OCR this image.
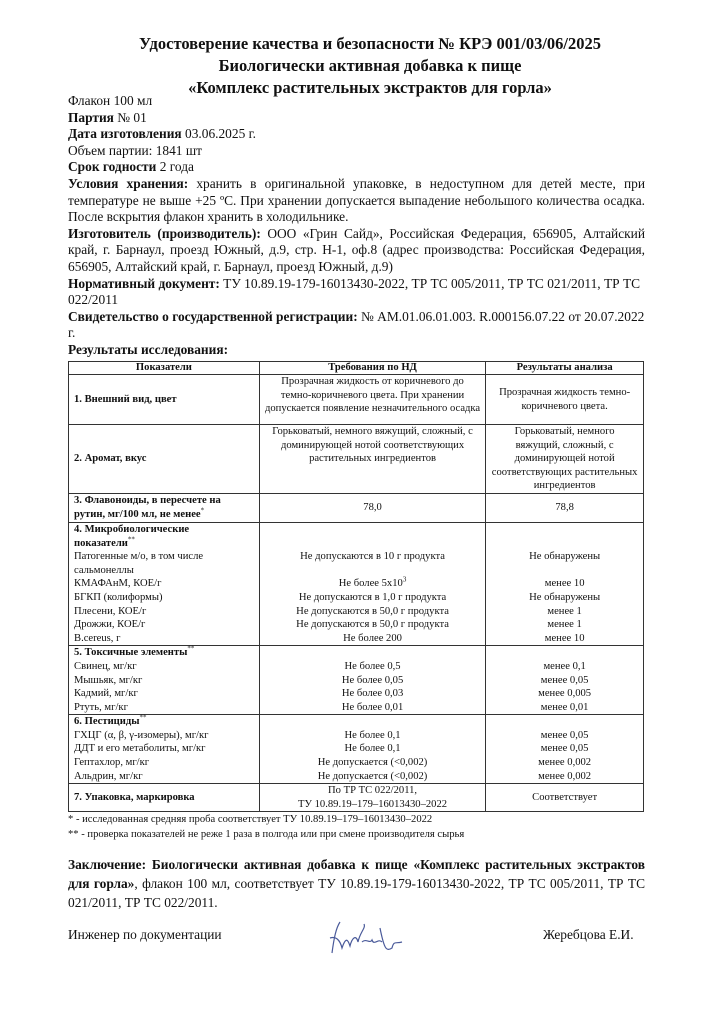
Удостоверение качества и безопасности № КРЭ 001/03/06/2025
Биологически активная добавка к пище
«Комплекс растительных экстрактов для горла»

Флакон 100 мл

Партия № 01

Дата изготовления 03.06.2025 г.

Объем партии: 1841 шт

Срок годности 2 года

Условия хранения: хранить в оригинальной упаковке, в недоступном для детей месте, при температуре не выше +25 ºС. При хранении допускается выпадение небольшого количества осадка. После вскрытия флакон хранить в холодильнике.

Изготовитель (производитель): ООО «Грин Сайд», Российская Федерация, 656905, Алтайский край, г. Барнаул, проезд Южный, д.9, стр. Н-1, оф.8 (адрес производства: Российская Федерация, 656905, Алтайский край, г. Барнаул, проезд Южный, д.9)

Нормативный документ: ТУ 10.89.19-179-16013430-2022, ТР ТС 005/2011, ТР ТС 021/2011, ТР ТС 022/2011

Свидетельство о государственной регистрации: № АМ.01.06.01.003. R.000156.07.22 от 20.07.2022 г.

Результаты исследования:

Показатели	Требования по НД	Результаты анализа
1. Внешний вид, цвет	Прозрачная жидкость от коричневого до темно-коричневого цвета. При хранении допускается появление незначительного осадка	Прозрачная жидкость темно-коричневого цвета.
2. Аромат, вкус	Горьковатый, немного вяжущий, сложный, с доминирующей нотой соответствующих растительных ингредиентов	Горьковатый, немного вяжущий, сложный, с доминирующей нотой соответствующих растительных ингредиентов
3. Флавоноиды, в пересчете на рутин, мг/100 мл, не менее*	78,0	78,8
4. Микробиологические показатели**		
Патогенные м/о, в том числе сальмонеллы	Не допускаются в 10 г продукта	Не обнаружены
КМАФАнМ, КОЕ/г	Не более $5х10^3$	менее 10
БГКП (колиформы)	Не допускаются в 1,0 г продукта	Не обнаружены
Плесени, КОЕ/г	Не допускаются в 50,0 г продукта	менее 1
Дрожжи, КОЕ/г	Не допускаются в 50,0 г продукта	менее 1
B.cereus, г	Не более 200	менее 10
5. Токсичные элементы**		
Свинец, мг/кг	Не более 0,5	менее 0,1
Мышьяк, мг/кг	Не более 0,05	менее 0,05
Кадмий, мг/кг	Не более 0,03	менее 0,005
Ртуть, мг/кг	Не более 0,01	менее 0,01
6. Пестициды**		
ГХЦГ (α, β, γ-изомеры), мг/кг	Не более 0,1	менее 0,05
ДДТ и его метаболиты, мг/кг	Не более 0,1	менее 0,05
Гептахлор, мг/кг	Не допускается (<0,002)	менее 0,002
Альдрин, мг/кг	Не допускается (<0,002)	менее 0,002
7. Упаковка, маркировка	По ТР ТС 022/2011,
ТУ 10.89.19–179–16013430–2022	Соответствует
* - исследованная средняя проба соответствует ТУ 10.89.19–179–16013430–2022
** - проверка показателей не реже 1 раза в полгода или при смене производителя сырья
Заключение: Биологически активная добавка к пище «Комплекс растительных экстрактов для горла», флакон 100 мл, соответствует ТУ 10.89.19-179-16013430-2022, ТР ТС 005/2011, ТР ТС 021/2011, ТР ТС 022/2011.
Инженер по документации	Жеребцова Е.И.
